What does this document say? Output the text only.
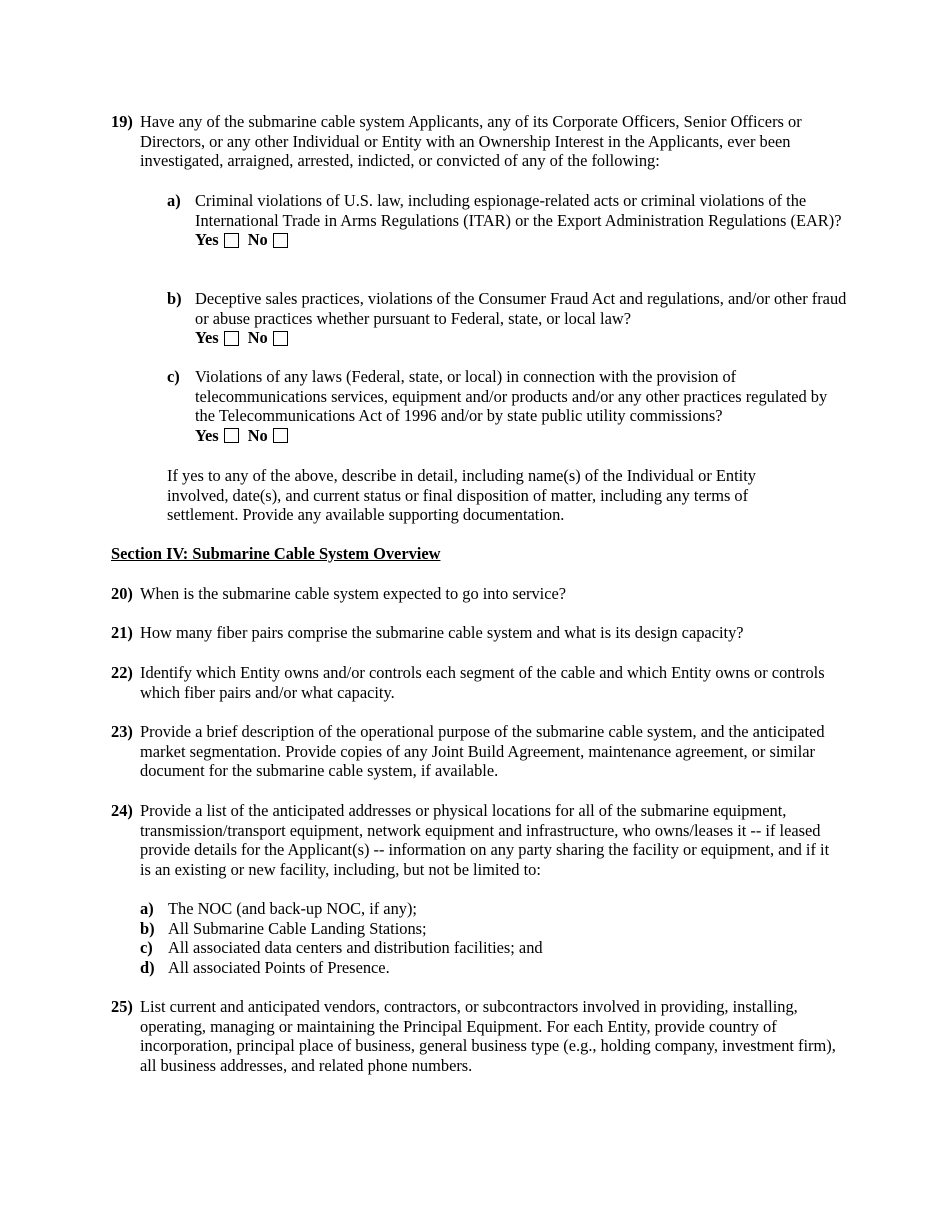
19) Have any of the submarine cable system Applicants, any of its Corporate Officers, Senior Officers or Directors, or any other Individual or Entity with an Ownership Interest in the Applicants, ever been investigated, arraigned, arrested, indicted, or convicted of any of the following:
a) Criminal violations of U.S. law, including espionage-related acts or criminal violations of the International Trade in Arms Regulations (ITAR) or the Export Administration Regulations (EAR)?
Yes No
b) Deceptive sales practices, violations of the Consumer Fraud Act and regulations, and/or other fraud or abuse practices whether pursuant to Federal, state, or local law?
Yes No
c) Violations of any laws (Federal, state, or local) in connection with the provision of telecommunications services, equipment and/or products and/or any other practices regulated by the Telecommunications Act of 1996 and/or by state public utility commissions?
Yes No
If yes to any of the above, describe in detail, including name(s) of the Individual or Entity involved, date(s), and current status or final disposition of matter, including any terms of settlement. Provide any available supporting documentation.
Section IV: Submarine Cable System Overview
20) When is the submarine cable system expected to go into service?
21) How many fiber pairs comprise the submarine cable system and what is its design capacity?
22) Identify which Entity owns and/or controls each segment of the cable and which Entity owns or controls which fiber pairs and/or what capacity.
23) Provide a brief description of the operational purpose of the submarine cable system, and the anticipated market segmentation. Provide copies of any Joint Build Agreement, maintenance agreement, or similar document for the submarine cable system, if available.
24) Provide a list of the anticipated addresses or physical locations for all of the submarine equipment, transmission/transport equipment, network equipment and infrastructure, who owns/leases it -- if leased provide details for the Applicant(s) -- information on any party sharing the facility or equipment, and if it is an existing or new facility, including, but not be limited to:
a) The NOC (and back-up NOC, if any);
b) All Submarine Cable Landing Stations;
c) All associated data centers and distribution facilities; and
d) All associated Points of Presence.
25) List current and anticipated vendors, contractors, or subcontractors involved in providing, installing, operating, managing or maintaining the Principal Equipment. For each Entity, provide country of incorporation, principal place of business, general business type (e.g., holding company, investment firm), all business addresses, and related phone numbers.
